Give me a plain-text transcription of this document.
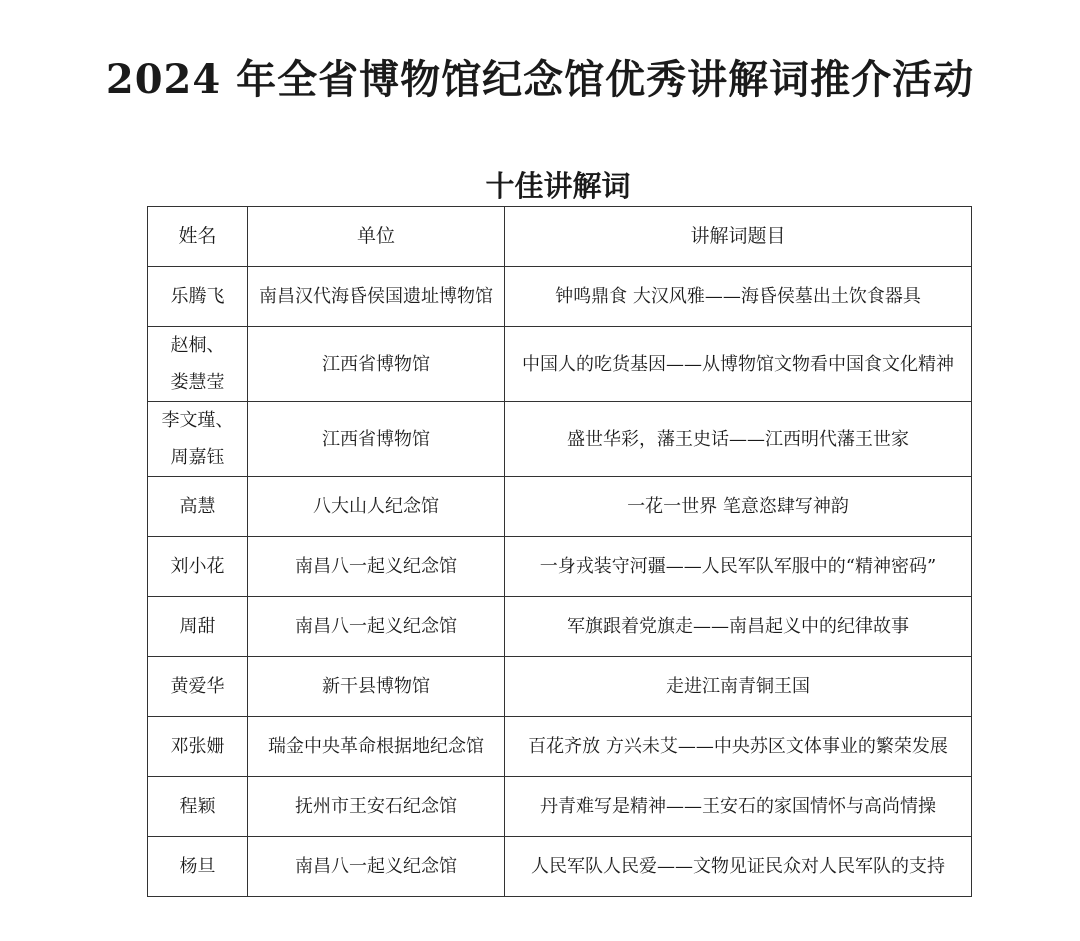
2024 年全省博物馆纪念馆优秀讲解词推介活动
十佳讲解词
姓名	单位	讲解词题目
乐腾飞	南昌汉代海昏侯国遗址博物馆	钟鸣鼎食 大汉风雅——海昏侯墓出土饮食器具

赵桐、娄慧莹	江西省博物馆	中国人的吃货基因——从博物馆文物看中国食文化精神

李文瑾、周嘉钰	江西省博物馆	盛世华彩，藩王史话——江西明代藩王世家
高慧	八大山人纪念馆	一花一世界 笔意恣肆写神韵
刘小花	南昌八一起义纪念馆	一身戎装守河疆——人民军队军服中的“精神密码”
周甜	南昌八一起义纪念馆	军旗跟着党旗走——南昌起义中的纪律故事
黄爱华	新干县博物馆	走进江南青铜王国
邓张姗	瑞金中央革命根据地纪念馆	百花齐放 方兴未艾——中央苏区文体事业的繁荣发展
程颖	抚州市王安石纪念馆	丹青难写是精神——王安石的家国情怀与高尚情操
杨旦	南昌八一起义纪念馆	人民军队人民爱——文物见证民众对人民军队的支持
